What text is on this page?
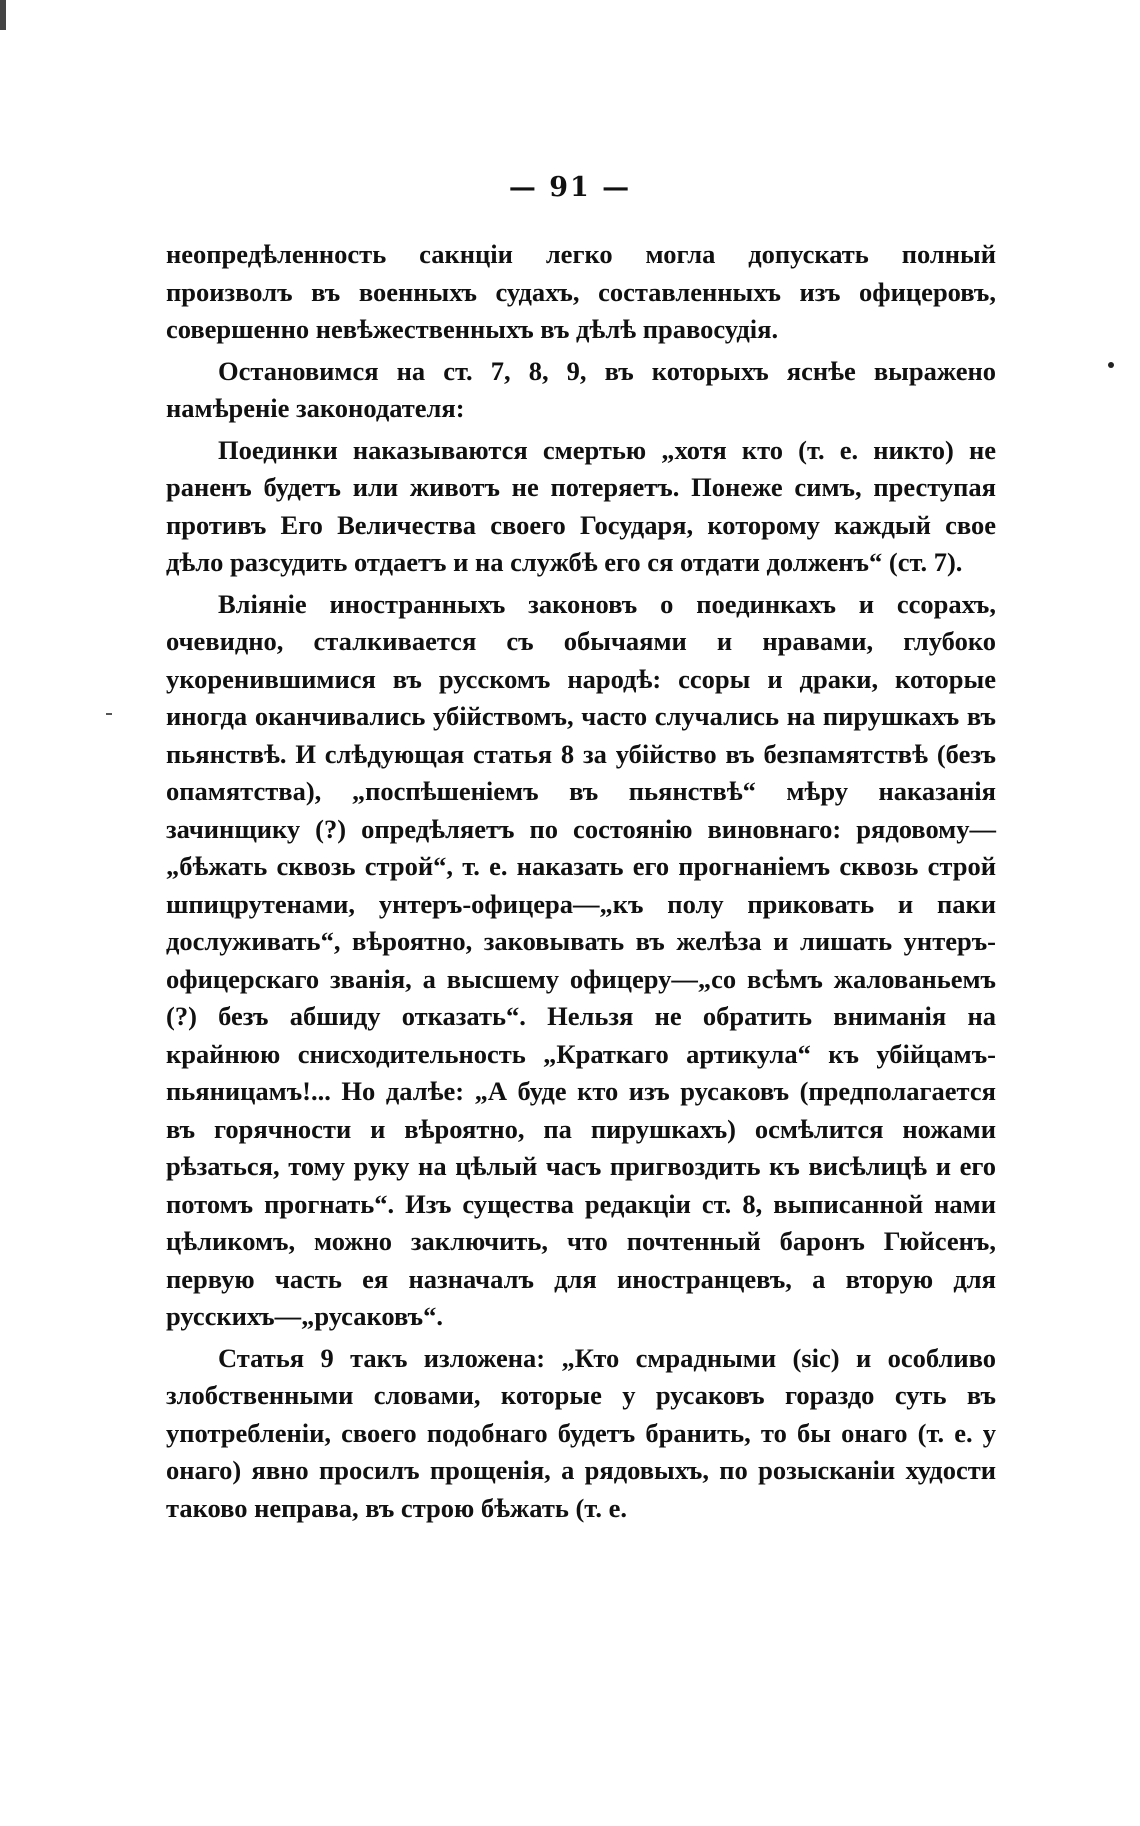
— 91 —

неопредѣленность сакнціи легко могла допускать полный произволъ въ военныхъ судахъ, составленныхъ изъ офицеровъ, совершенно невѣжественныхъ въ дѣлѣ правосудія.

Остановимся на ст. 7, 8, 9, въ которыхъ яснѣе выражено намѣреніе законодателя:

Поединки наказываются смертью „хотя кто (т. е. никто) не раненъ будетъ или животъ не потеряетъ. Понеже симъ, преступая противъ Его Величества своего Государя, которому каждый свое дѣло разсудить отдаетъ и на службѣ его ся отдати долженъ“ (ст. 7).

Вліяніе иностранныхъ законовъ о поединкахъ и ссорахъ, очевидно, сталкивается съ обычаями и нравами, глубоко укоренившимися въ русскомъ народѣ: ссоры и драки, которые иногда оканчивались убійствомъ, часто случались на пирушкахъ въ пьянствѣ. И слѣдующая статья 8 за убійство въ безпамятствѣ (безъ опамятства), „поспѣшеніемъ въ пьянствѣ“ мѣру наказанія зачинщику (?) опредѣляетъ по состоянію виновнаго: рядовому—„бѣжать сквозь строй“, т. е. наказать его прогнаніемъ сквозь строй шпицрутенами, унтеръ-офицера—„къ полу приковать и паки дослуживать“, вѣроятно, заковывать въ желѣза и лишать унтеръ-офицерскаго званія, а высшему офицеру—„со всѣмъ жалованьемъ (?) безъ абшиду отказать“. Нельзя не обратить вниманія на крайнюю снисходительность „Краткаго артикула“ къ убійцамъ-пьяницамъ!... Но далѣе: „А буде кто изъ русаковъ (предполагается въ горячности и вѣроятно, па пирушкахъ) осмѣлится ножами рѣзаться, тому руку на цѣлый часъ пригвоздить къ висѣлицѣ и его потомъ прогнать“. Изъ существа редакціи ст. 8, выписанной нами цѣликомъ, можно заключить, что почтенный баронъ Гюйсенъ, первую часть ея назначалъ для иностранцевъ, а вторую для русскихъ—„русаковъ“.

Статья 9 такъ изложена: „Кто смрадными (sic) и особливо злобственными словами, которые у русаковъ гораздо суть въ употребленіи, своего подобнаго будетъ бранить, то бы онаго (т. е. у онаго) явно просилъ прощенія, а рядовыхъ, по розысканіи худости таково неправа, въ строю бѣжать (т. е.
